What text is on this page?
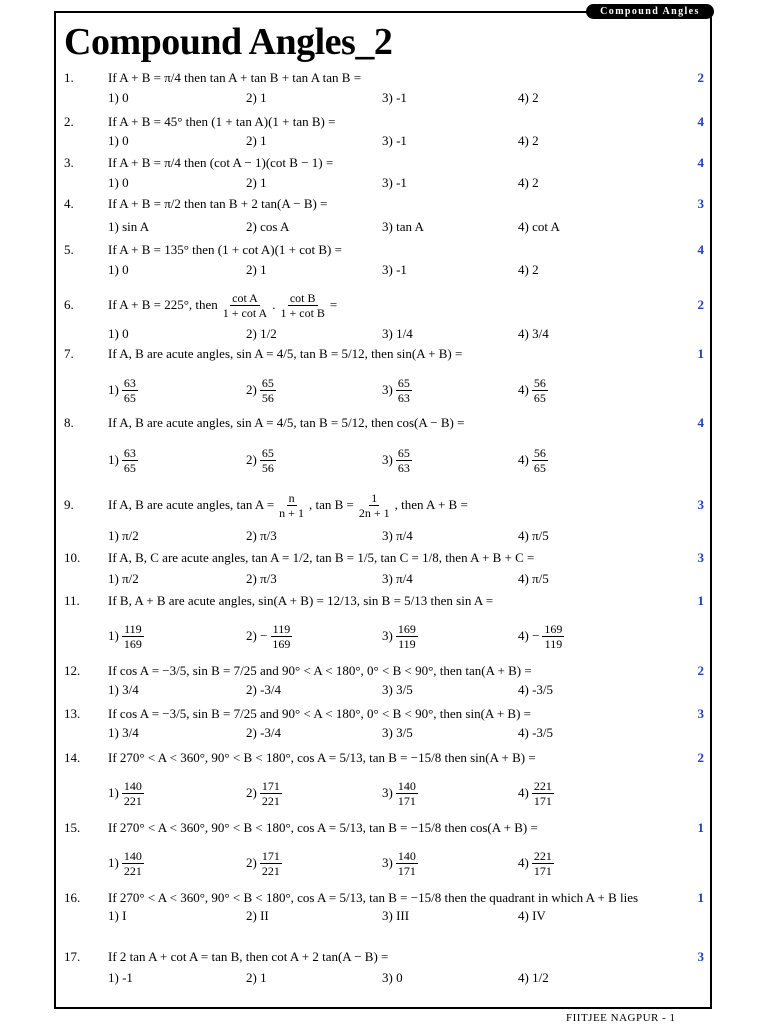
Compound Angles
Compound Angles_2
1.	If A + B = π/4 then tan A + tan B + tan A tan B =	2
1) 0	2) 1	3) -1	4) 2
2.	If A + B = 45° then (1 + tan A)(1 + tan B) =	4
1) 0	2) 1	3) -1	4) 2
3.	If A + B = π/4 then (cot A − 1)(cot B − 1) =	4
1) 0	2) 1	3) -1	4) 2
4.	If A + B = π/2 then tan B + 2 tan(A − B) =	3
1) sin A	2) cos A	3) tan A	4) cot A
5.	If A + B = 135° then (1 + cot A)(1 + cot B) =	4
1) 0	2) 1	3) -1	4) 2
6.	If A + B = 225°, then $\frac{\text{cot A}}{\text{1 + cot A}}$ . $\frac{\text{cot B}}{\text{1 + cot B}}$ =	2
1) 0	2) 1/2	3) 1/4	4) 3/4
7.	If A, B are acute angles, sin A = 4/5, tan B = 5/12, then sin(A + B) =	1
$1) \frac{63}{65}$	$2) \frac{65}{56}$	$3) \frac{65}{63}$	$4) \frac{56}{65}$
8.	If A, B are acute angles, sin A = 4/5, tan B = 5/12, then cos(A − B) =	4
$1) \frac{63}{65}$	$2) \frac{65}{56}$	$3) \frac{65}{63}$	$4) \frac{56}{65}$
9.	If A, B are acute angles, $\tan A = \frac{n}{n + 1}$ , $\tan B = \frac{1}{2n + 1}$ , then A + B =	3
1) π/2	2) π/3	3) π/4	4) π/5
10. If A, B, C are acute angles, tan A = 1/2, tan B = 1/5, tan C = 1/8, then A + B + C =	3
1) π/2	2) π/3	3) π/4	4) π/5
11. If B, A + B are acute angles, sin(A + B) = 12/13, sin B = 5/13 then sin A =	1
$1) \frac{119}{169}$	$2) - \frac{119}{169}$	$3) \frac{169}{119}$	$4) - \frac{169}{119}$
12. If cos A = −3/5, sin B = 7/25 and 90° < A < 180°, 0° < B < 90°, then tan(A + B) =	2
1) 3/4	2) -3/4	3) 3/5	4) -3/5
13. If cos A = −3/5, sin B = 7/25 and 90° < A < 180°, 0° < B < 90°, then sin(A + B) =	3
1) 3/4	2) -3/4	3) 3/5	4) -3/5
14. If 270° < A < 360°, 90° < B < 180°, cos A = 5/13, tan B = −15/8 then sin(A + B) =	2
$1) \frac{140}{221}$	$2) \frac{171}{221}$	$3) \frac{140}{171}$	$4) \frac{221}{171}$
15. If 270° < A < 360°, 90° < B < 180°, cos A = 5/13, tan B = −15/8 then cos(A + B) =	1
$1) \frac{140}{221}$	$2) \frac{171}{221}$	$3) \frac{140}{171}$	$4) \frac{221}{171}$
16. If 270° < A < 360°, 90° < B < 180°, cos A = 5/13, tan B = −15/8 then the quadrant in which A + B lies	1
1) I	2) II	3) III	4) IV
17. If 2 tan A + cot A = tan B, then cot A + 2 tan(A − B) =	3
1) -1	2) 1	3) 0	4) 1/2
FIITJEE NAGPUR - 1
